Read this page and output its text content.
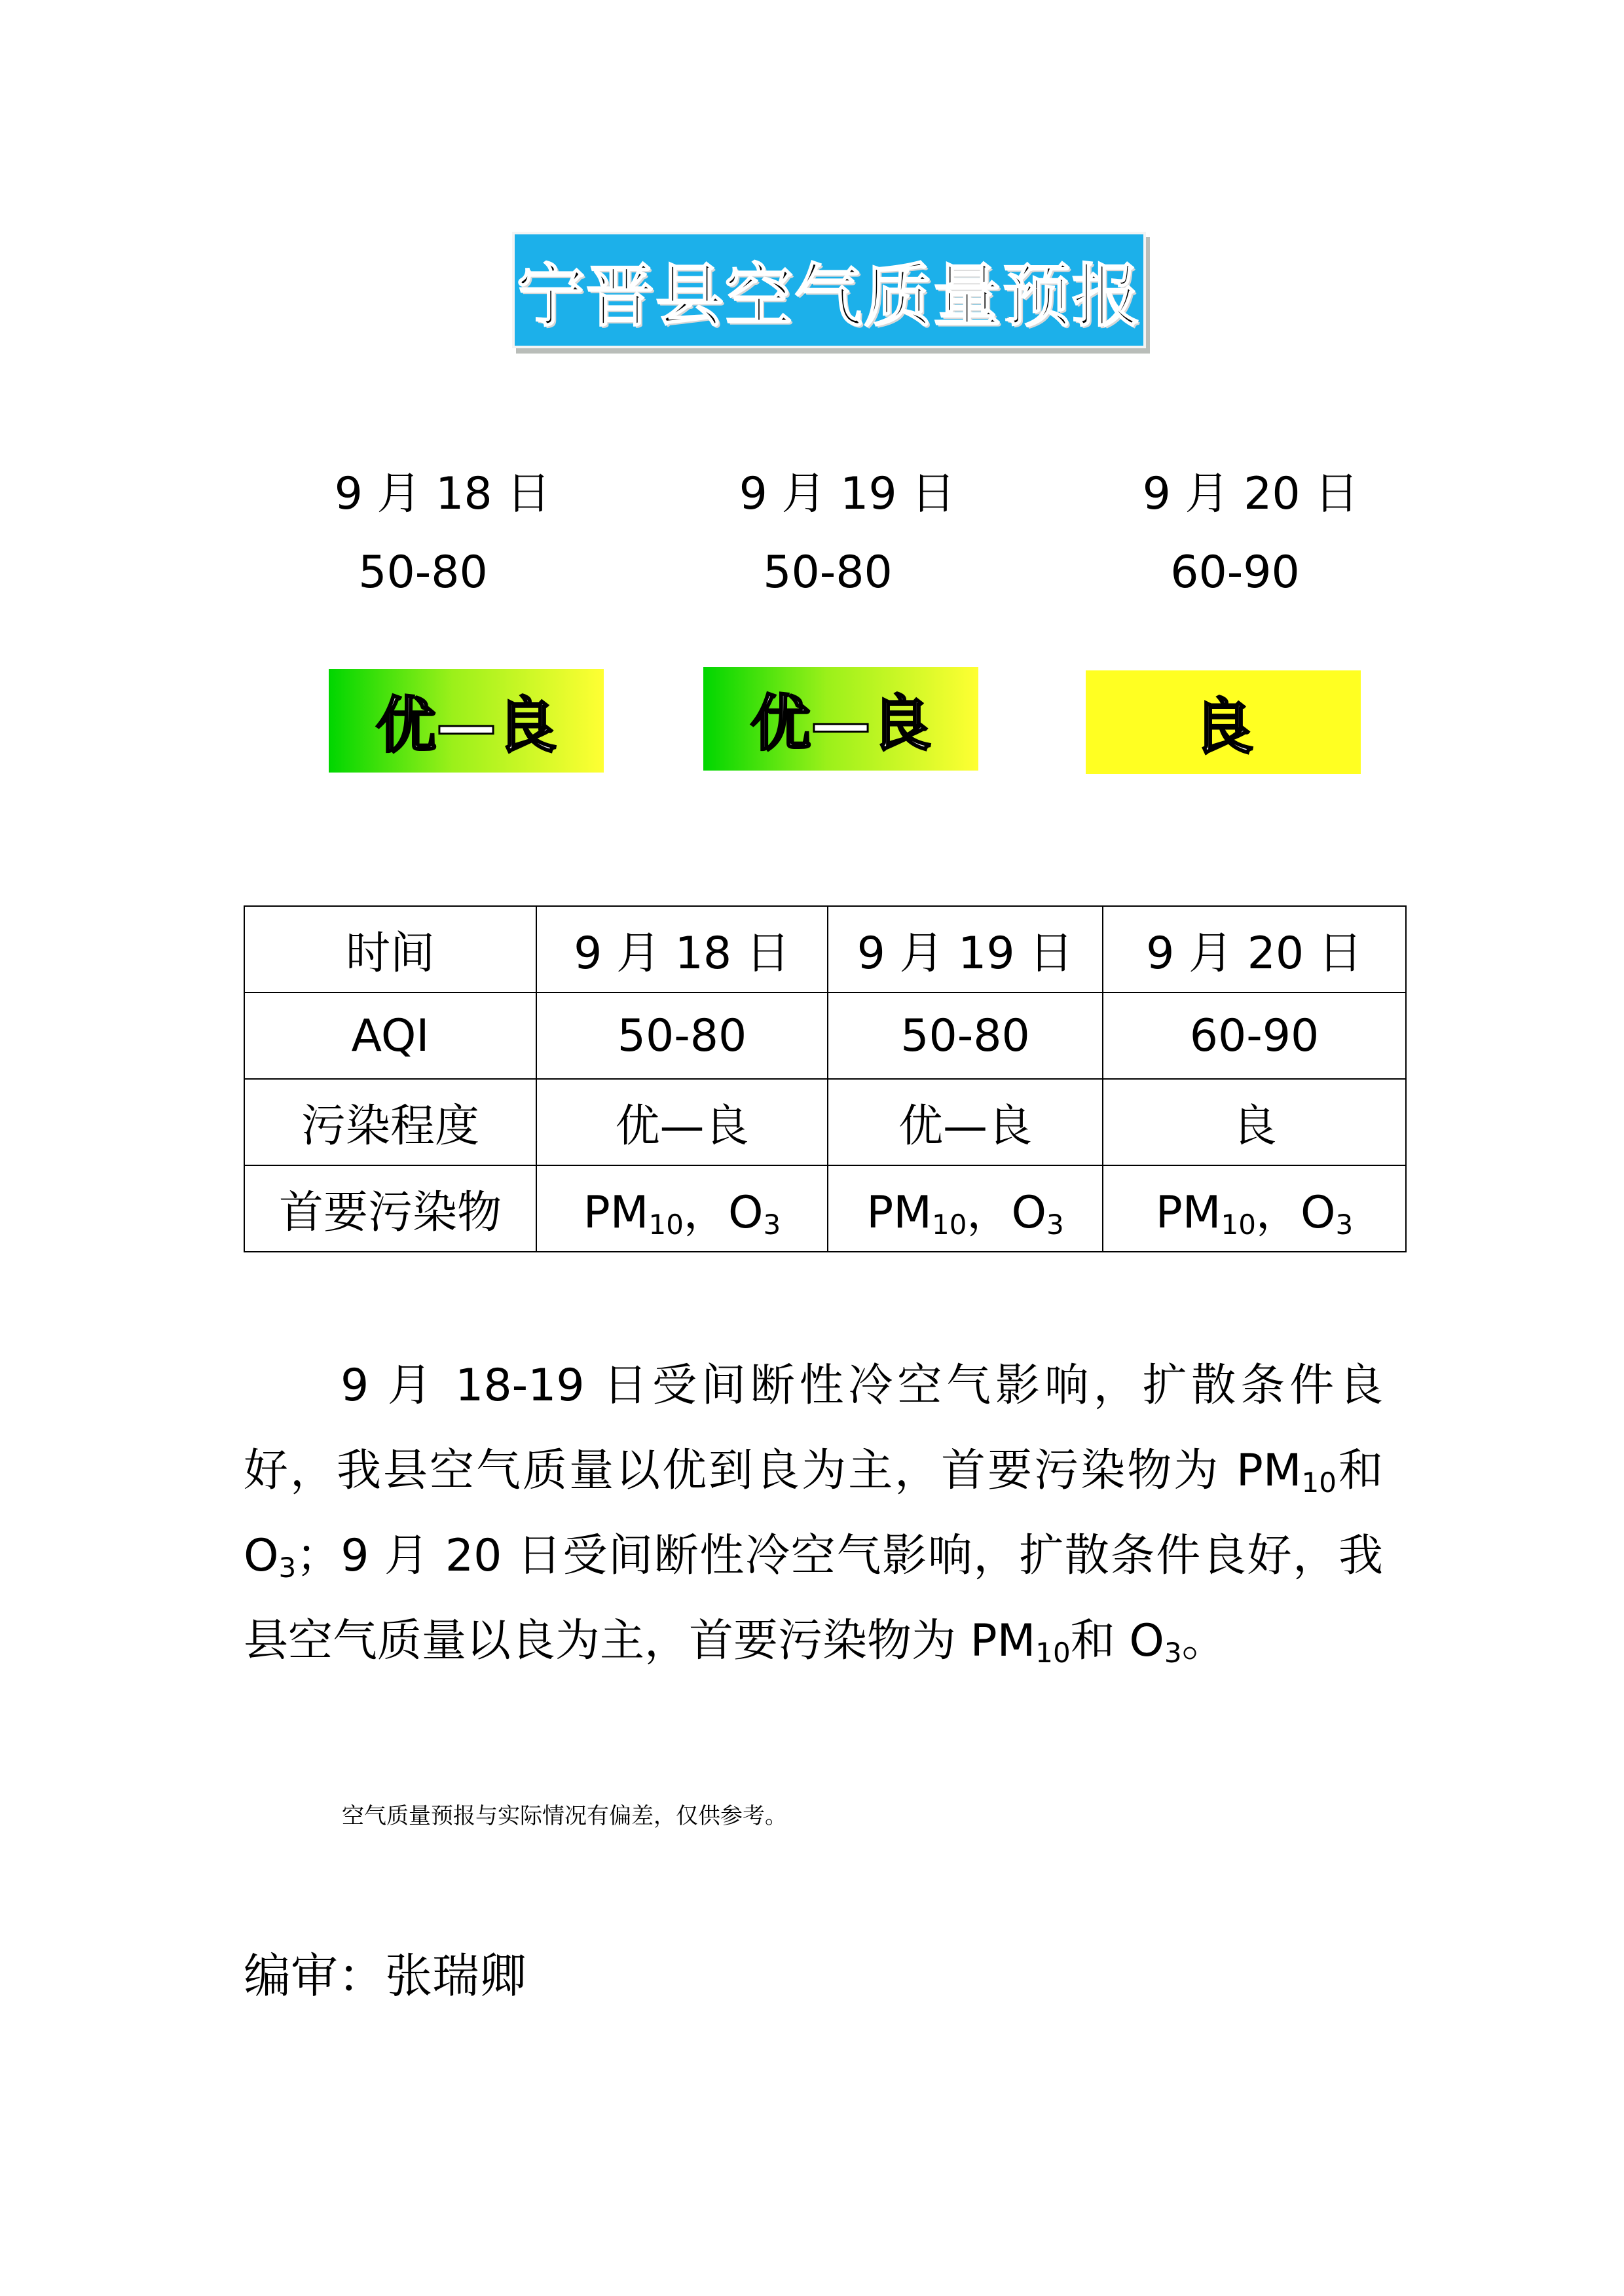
宁晋县空气质量预报
9 月 18 日	9 月 19 日	9 月 20 日
50-80	50-80	60-90
优—良	优—良	良
时间	9 月 18 日	9 月 19 日	9 月 20 日
AQI	50-80	50-80	60-90
污染程度	优—良	优—良	良
首要污染物	$PM_{10}$，$O_3$	$PM_{10}$，$O_3$	$PM_{10}$，$O_3$
9 月 18-19 日受间断性冷空气影响，扩散条件良好，我县空气质量以优到良为主，首要污染物为 $PM_{10}$和 $O_3$；9 月 20 日受间断性冷空气影响，扩散条件良好，我县空气质量以良为主，首要污染物为 $PM_{10}$和 $O_3$。
空气质量预报与实际情况有偏差，仅供参考。
编审：张瑞卿
